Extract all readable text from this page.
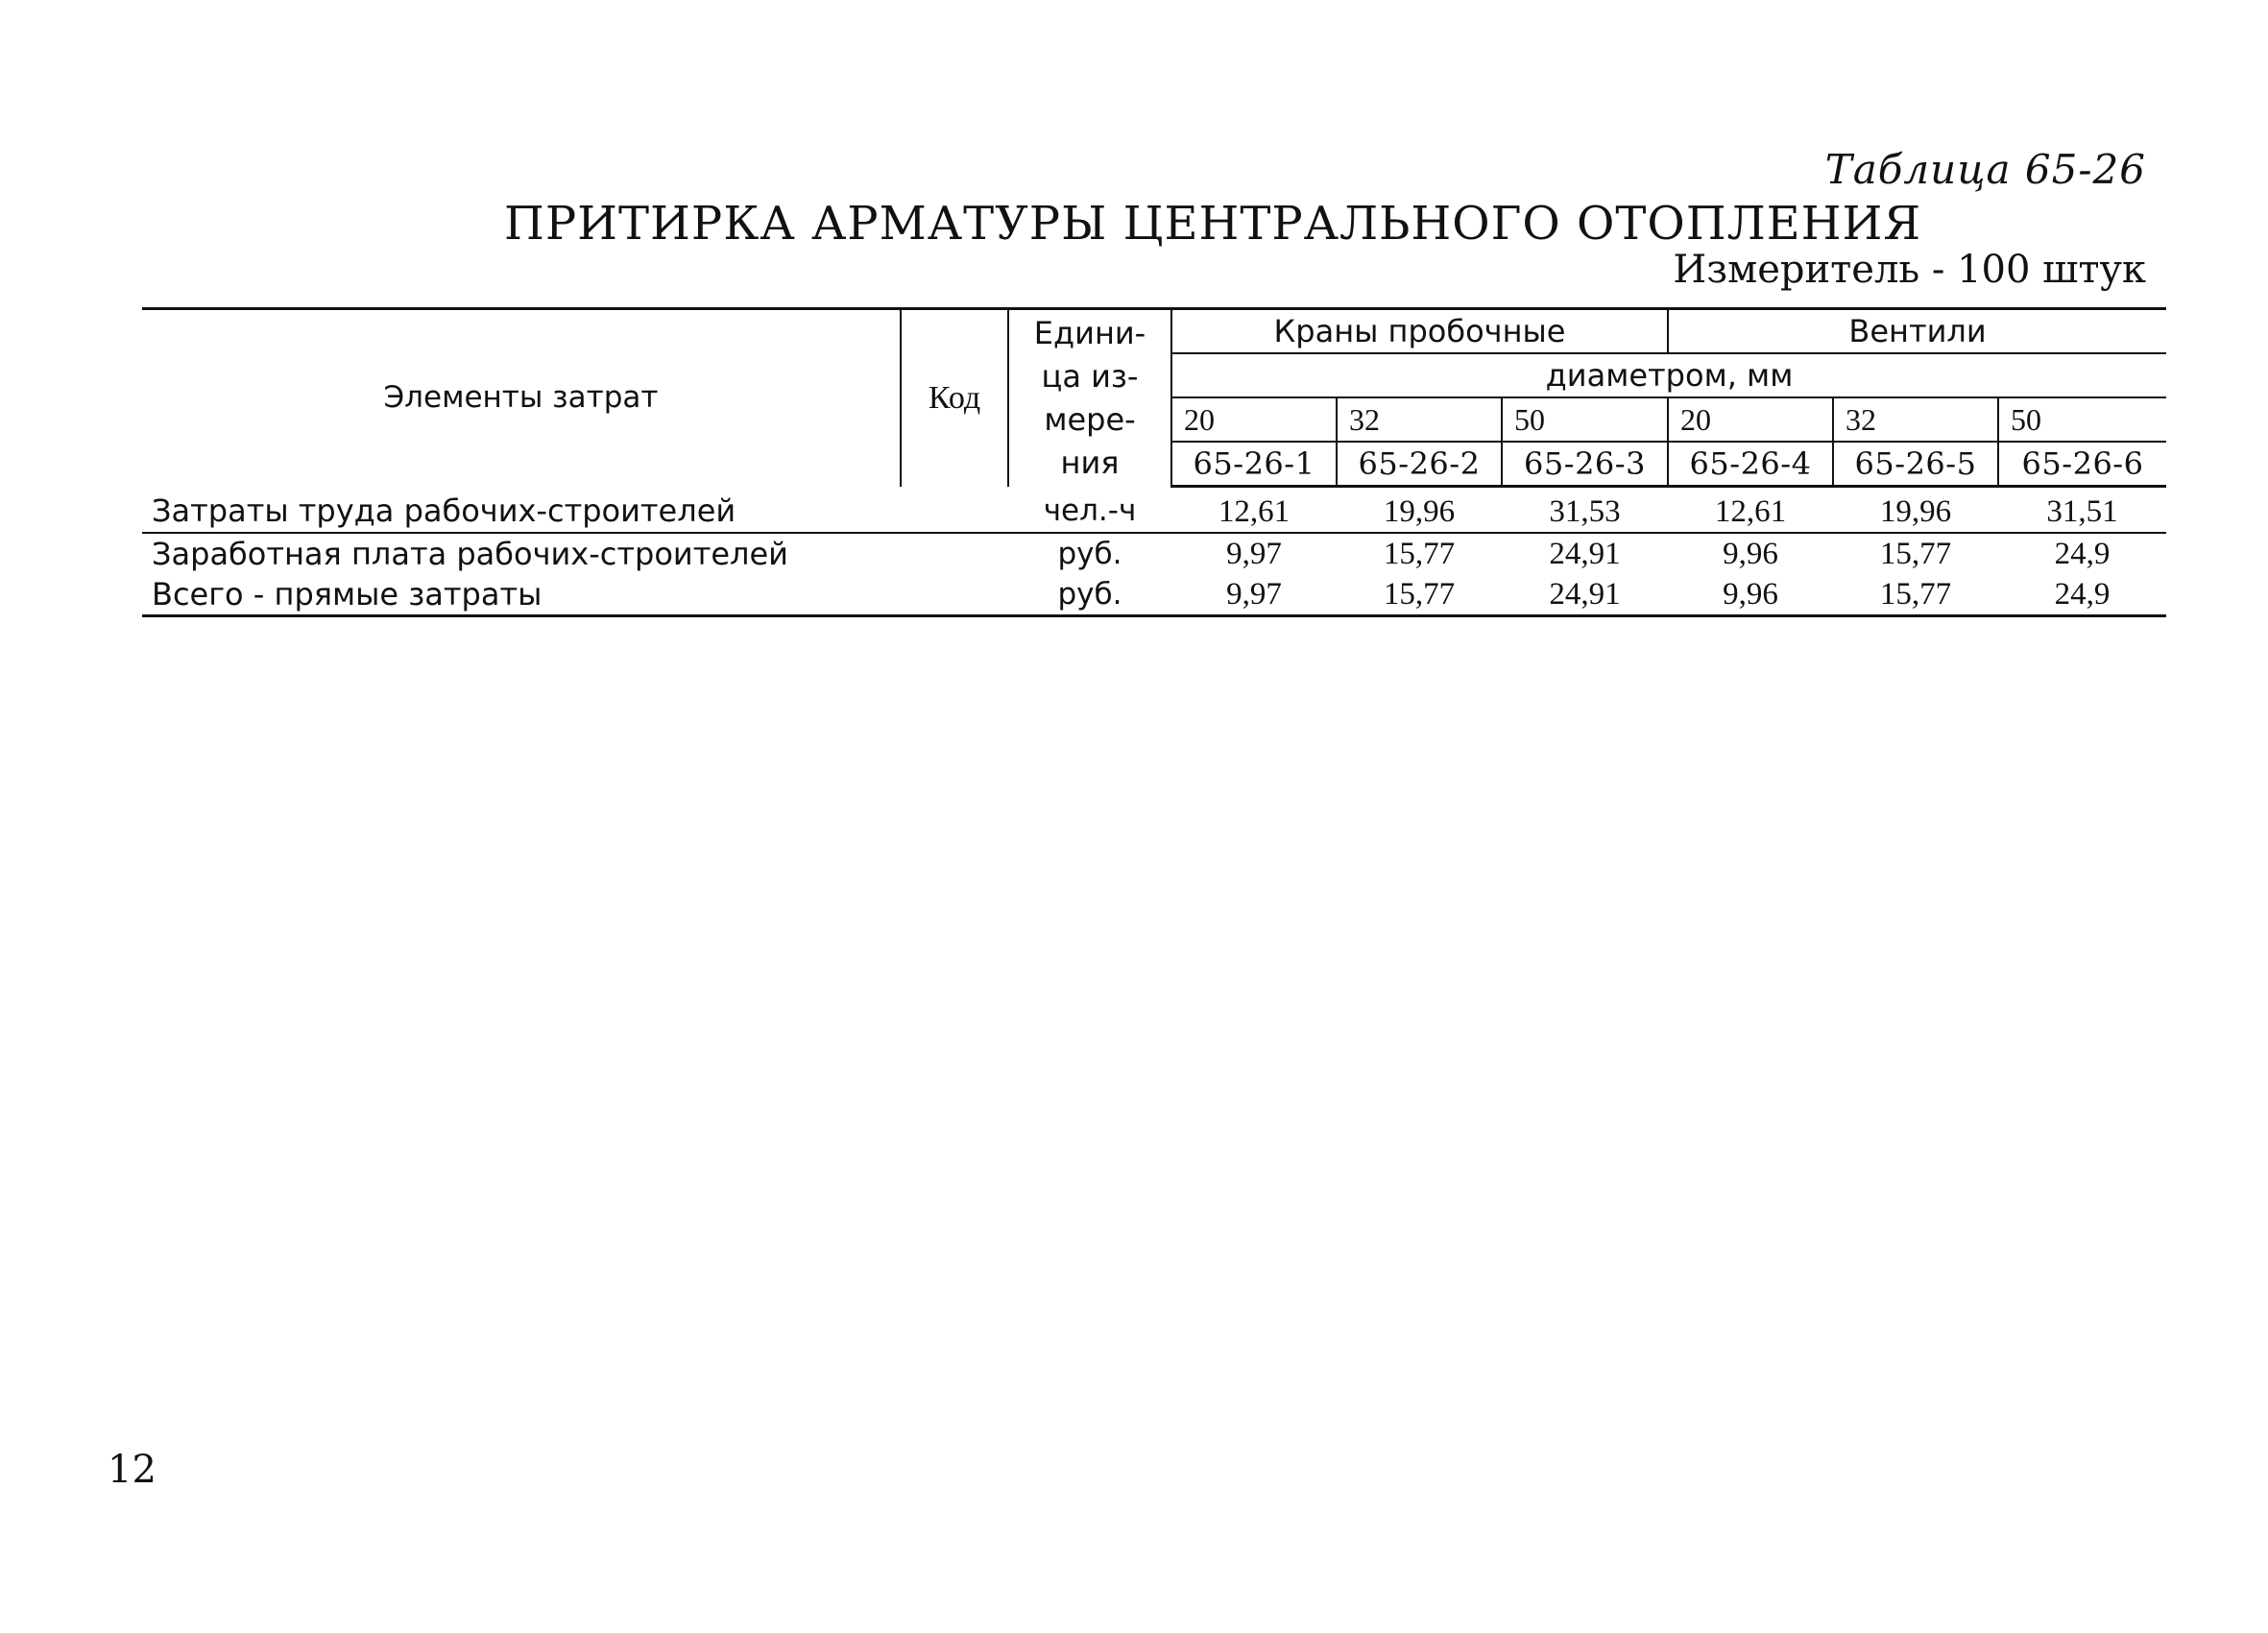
Таблица 65-26
ПРИТИРКА АРМАТУРЫ ЦЕНТРАЛЬНОГО ОТОПЛЕНИЯ
Измеритель - 100 штук
Элементы затрат	Код	Едини-
ца из-
мере-
ния	Краны пробочные			Вентили		
			диаметром, мм					
			20	32	50	20	32	50
			65-26-1	65-26-2	65-26-3	65-26-4	65-26-5	65-26-6
Затраты труда рабочих-строителей		чел.-ч	12,61	19,96	31,53	12,61	19,96	31,51
Заработная плата рабочих-строителей		руб.	9,97	15,77	24,91	9,96	15,77	24,9
Всего - прямые затраты		руб.	9,97	15,77	24,91	9,96	15,77	24,9
12
